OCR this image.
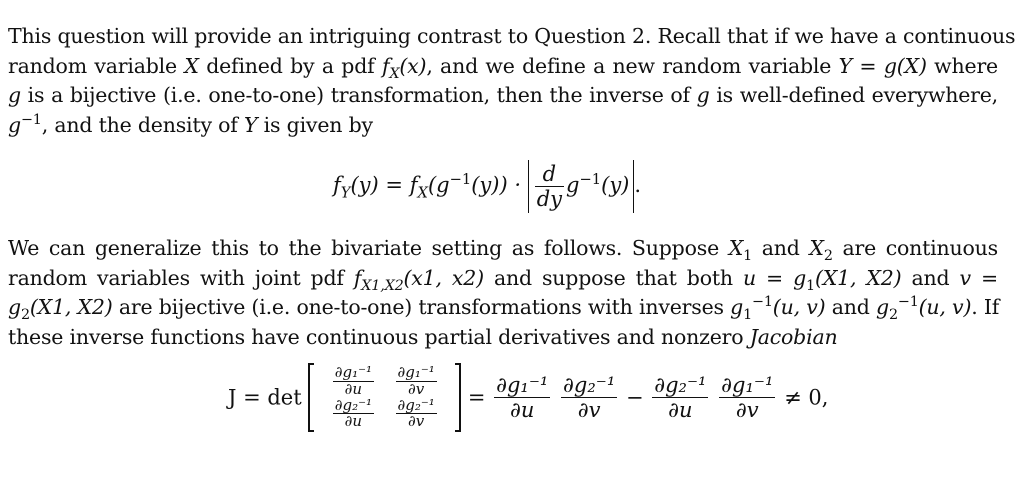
This question will provide an intriguing contrast to Question 2. Recall that if we have a continuous
random variable X defined by a pdf $f_X(x)$, and we define a new random variable Y = g(X) where
g is a bijective (i.e. one-to-one) transformation, then the inverse of g is well-defined everywhere,
$g^{-1}$, and the density of Y is given by
$f_Y(y) = f_X(g^{-1}(y)) \cdot \frac{d}{dy} g^{-1}(y)$ .
We can generalize this to the bivariate setting as follows. Suppose $X_1$ and $X_2$ are continuous
random variables with joint pdf $f_{X1,X2}(x1$, x2) and suppose that both $u = g_1(X1$, X2) and v =
$g_2(X1$, X2) are bijective (i.e. one-to-one) transformations with inverses $g_1^{-1}(u$, v) and $g_2^{-1}(u$, v). If
these inverse functions have continuous partial derivatives and nonzero Jacobian
$J = \det \frac{\text{∂g₁⁻¹}}{\partial u}$
$\frac{\text{∂g₁⁻¹}}{\partial v}$
$\frac{\text{∂g₂⁻¹}}{\partial u}$
$\frac{\text{∂g₂⁻¹}}{\partial v} = \frac{\text{∂g₁⁻¹}}{\partial u}$
$\frac{\text{∂g₂⁻¹}}{\partial v} - \frac{\text{∂g₂⁻¹}}{\partial u}$
$\frac{\text{∂g₁⁻¹}}{\partial v} \ne 0$,
